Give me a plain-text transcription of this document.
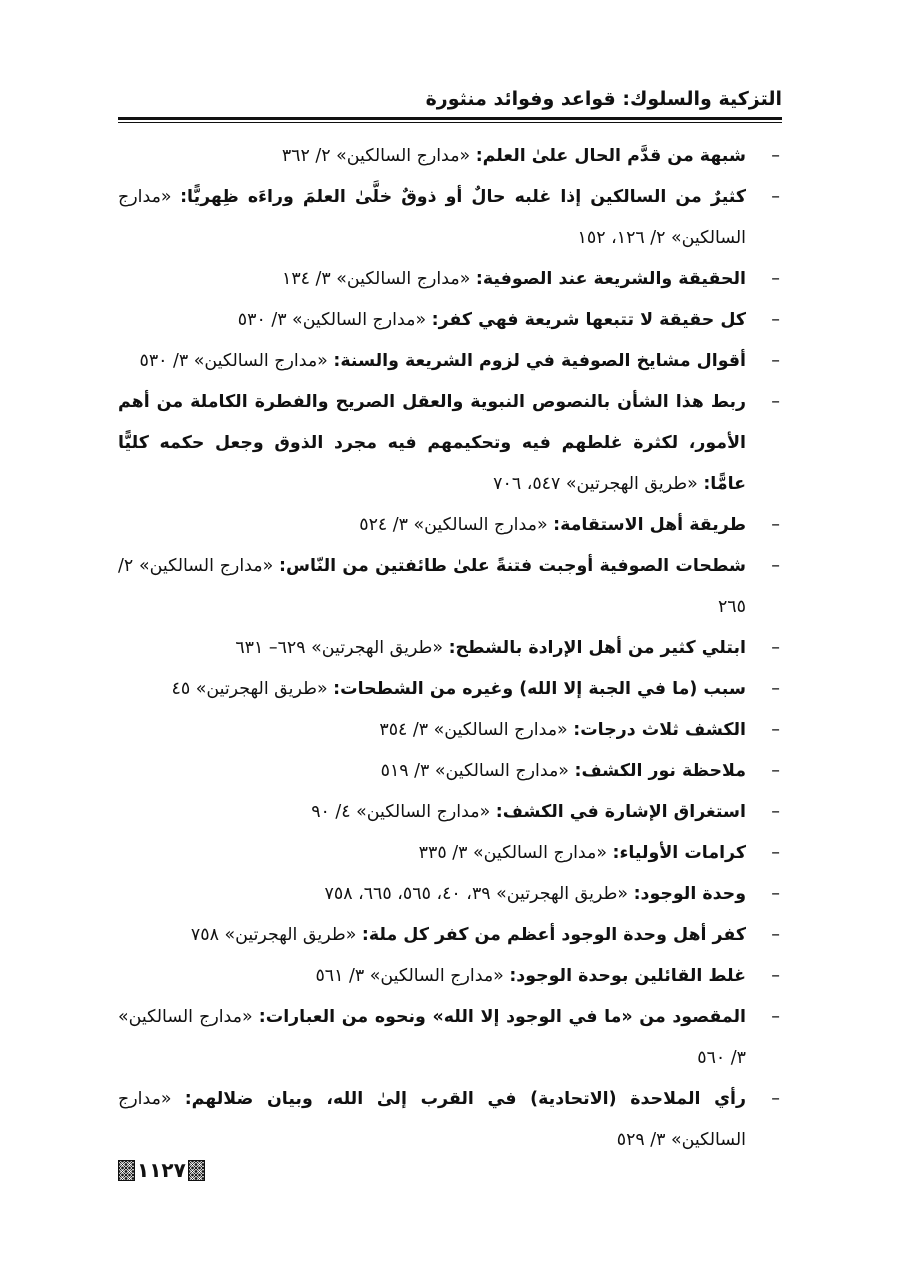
التزكية والسلوك: قواعد وفوائد منثورة
–
شبهة من قدَّم الحال علىٰ العلم: «مدارج السالكين» ٢/ ٣٦٢
–
كثيرٌ من السالكين إذا غلبه حالٌ أو ذوقٌ خلَّىٰ العلمَ وراءَه ظِهريًّا: «مدارج السالكين» ٢/ ١٢٦، ١٥٢
–
الحقيقة والشريعة عند الصوفية: «مدارج السالكين» ٣/ ١٣٤
–
كل حقيقة لا تتبعها شريعة فهي كفر: «مدارج السالكين» ٣/ ٥٣٠
–
أقوال مشايخ الصوفية في لزوم الشريعة والسنة: «مدارج السالكين» ٣/ ٥٣٠
–
ربط هذا الشأن بالنصوص النبوية والعقل الصريح والفطرة الكاملة من أهم الأمور، لكثرة غلطهم فيه وتحكيمهم فيه مجرد الذوق وجعل حكمه كليًّا عامًّا: «طريق الهجرتين» ٥٤٧، ٧٠٦
–
طريقة أهل الاستقامة: «مدارج السالكين» ٣/ ٥٢٤
–
شطحات الصوفية أوجبت فتنةً علىٰ طائفتين من النّاس: «مدارج السالكين» ٢/ ٢٦٥
–
ابتلي كثير من أهل الإرادة بالشطح: «طريق الهجرتين» ٦٢٩– ٦٣١
–
سبب (ما في الجبة إلا الله) وغيره من الشطحات: «طريق الهجرتين» ٤٥
–
الكشف ثلاث درجات: «مدارج السالكين» ٣/ ٣٥٤
–
ملاحظة نور الكشف: «مدارج السالكين» ٣/ ٥١٩
–
استغراق الإشارة في الكشف: «مدارج السالكين» ٤/ ٩٠
–
كرامات الأولياء: «مدارج السالكين» ٣/ ٣٣٥
–
وحدة الوجود: «طريق الهجرتين» ٣٩، ٤٠، ٥٦٥، ٦٦٥، ٧٥٨
–
كفر أهل وحدة الوجود أعظم من كفر كل ملة: «طريق الهجرتين» ٧٥٨
–
غلط القائلين بوحدة الوجود: «مدارج السالكين» ٣/ ٥٦١
–
المقصود من «ما في الوجود إلا الله» ونحوه من العبارات: «مدارج السالكين» ٣/ ٥٦٠
–
رأي الملاحدة (الاتحادية) في القرب إلىٰ الله، وبيان ضلالهم: «مدارج السالكين» ٣/ ٥٢٩
١١٢٧
